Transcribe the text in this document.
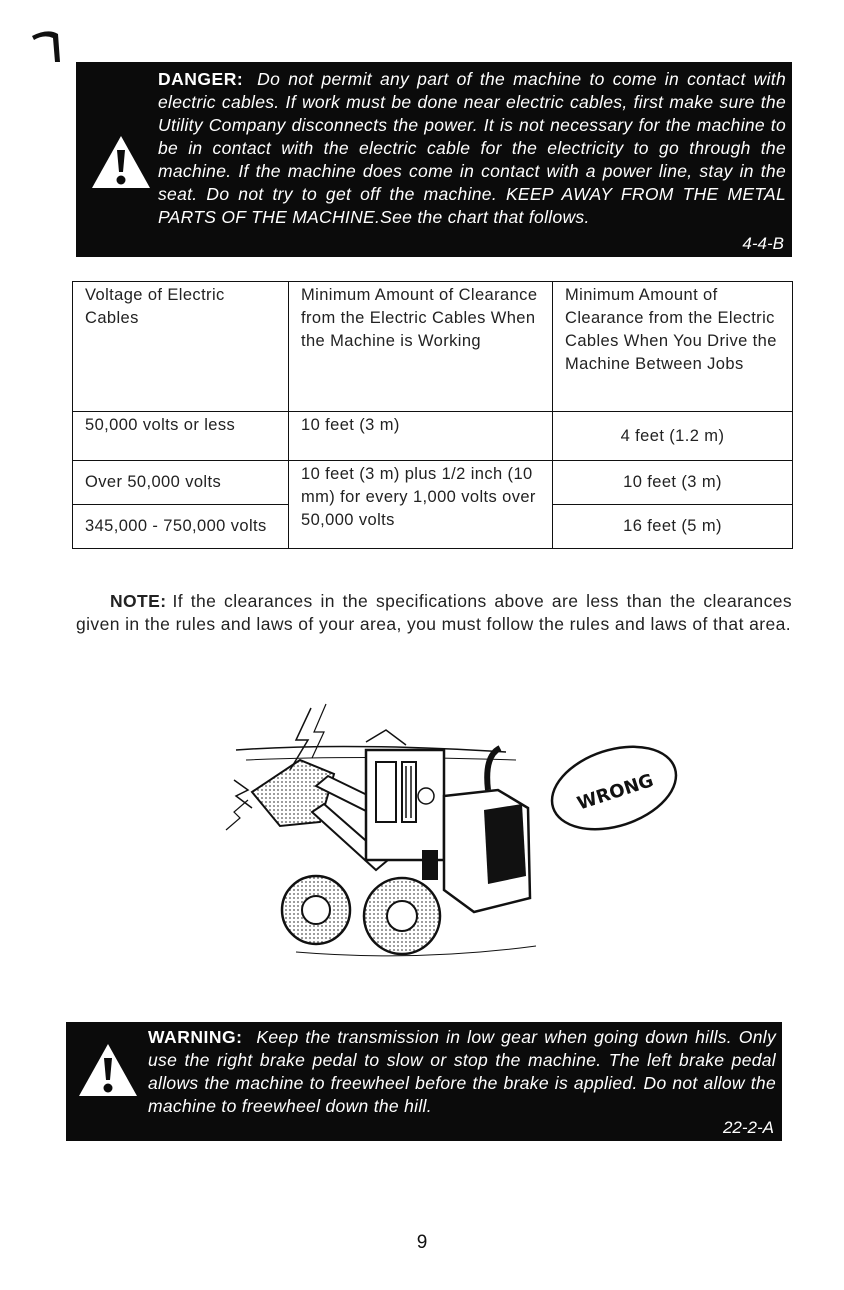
DANGER: Do not permit any part of the machine to come in contact with electric cables. If work must be done near electric cables, first make sure the Utility Company disconnects the power. It is not necessary for the machine to be in contact with the electric cable for the electricity to go through the machine. If the machine does come in contact with a power line, stay in the seat. Do not try to get off the machine. KEEP AWAY FROM THE METAL PARTS OF THE MACHINE.See the chart that follows.
4-4-B
Voltage of Electric Cables	Minimum Amount of Clearance from the Electric Cables When the Machine is Working	Minimum Amount of Clearance from the Electric Cables When You Drive the Machine Between Jobs
50,000 volts or less	10 feet (3 m)	4 feet (1.2 m)
Over 50,000 volts	10 feet (3 m) plus 1/2 inch (10 mm) for every 1,000 volts over 50,000 volts	10 feet (3 m)
345,000 - 750,000 volts		16 feet (5 m)
NOTE: If the clearances in the specifications above are less than the clearances given in the rules and laws of your area, you must follow the rules and laws of that area.
WRONG
WARNING: Keep the transmission in low gear when going down hills. Only use the right brake pedal to slow or stop the machine. The left brake pedal allows the machine to freewheel before the brake is applied. Do not allow the machine to freewheel down the hill.
22-2-A
9
